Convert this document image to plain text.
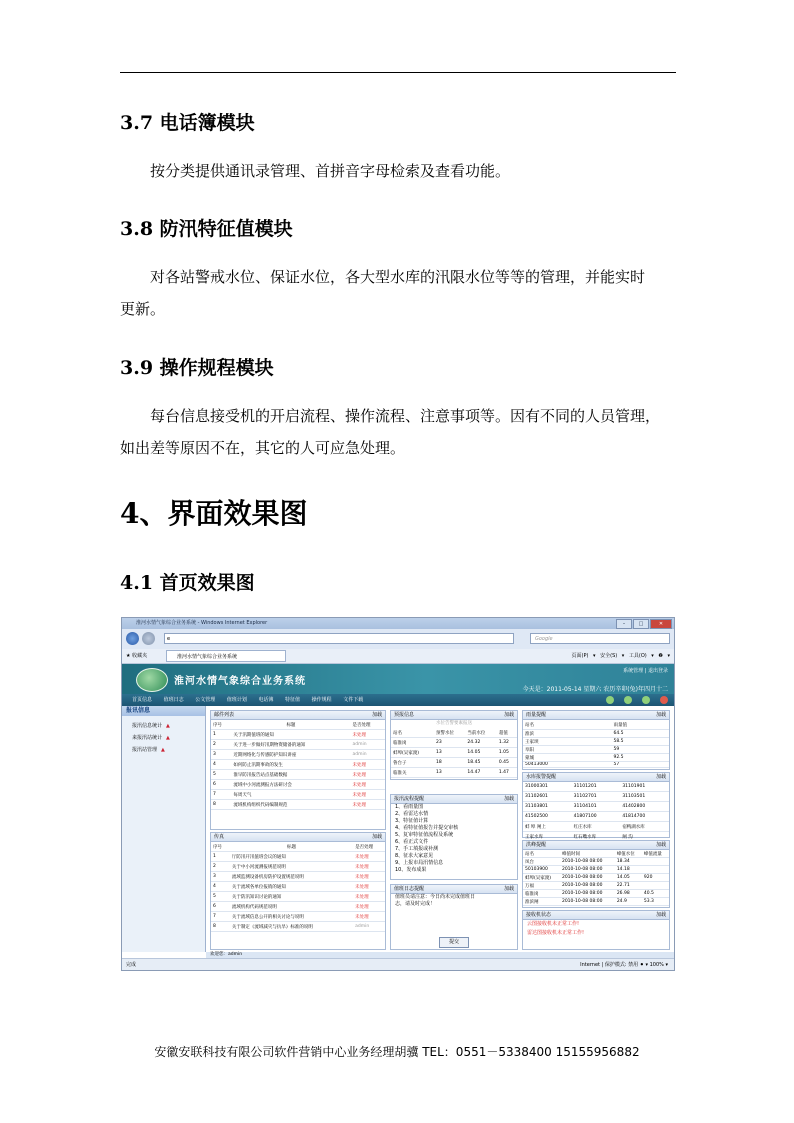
3.7 电话簿模块
按分类提供通讯录管理、首拼音字母检索及查看功能。
3.8 防汛特征值模块
对各站警戒水位、保证水位，各大型水库的汛限水位等等的管理，并能实时
更新。
3.9 操作规程模块
每台信息接受机的开启流程、操作流程、注意事项等。因有不同的人员管理，
如出差等原因不在，其它的人可应急处理。
4、界面效果图
4.1 首页效果图
淮河水情气象综合业务系统 - Windows Internet Explorer	–	□	✕
e	Google
★ 收藏夹	淮河水情气象综合业务系统	页面(P) ▾ 安全(S) ▾ 工具(O) ▾ ❷ ▾
淮河水情气象综合业务系统
系统管理 | 退出登录
今天是：2011-05-14 星期六 农历辛卯(兔)年四月十二
首页信息 值班日志 公文管理 值班计划 电话簿 特征值 操作规程 文件下载
报讯信息
报汛信息统计 ▲
来报汛站统计 ▲
报汛站管理 ▲
邮件列表	加载
序号	标题	是否处理
1	关于汛期值班的通知	未处理
2	关于进一步做好汛期物资储备的通知	admin
3	近期网络化与传感防护知识讲座	admin
4	如何防止汛期事故的发生	未处理
5	淮早防汛报告站点基础数据	未处理
6	流域中小河流测报方法研讨会	未处理
7	每周天气	未处理
8	流域机构组织代码编制规范	未处理
传真	加载
序号	标题	是否处理
1	厅防汛开汛值班会议的通知	未处理
2	关于中小河流测报规范说明	未处理
3	流域监测设备机房防护设置规范说明	未处理
4	关于流域各单位报销的通知	未处理
5	关于防汛知识讨论的通知	未处理
6	流域机构代码规范说明	未处理
7	关于流域信息公开的相关讨论与说明	未处理
8	关于制定《流域减灾与抗旱》标准的说明	admin
预报信息	加载
水位告警要素报送
站名	预警水位	当前水位	超值
临淮岗	23	24.32	1.32
蚌埠(吴家渡)	13	14.05	1.05
鲁台子	18	18.45	0.45
临淮关	13	14.47	1.47
报汛流程提醒	加载
1、看雨量图
2、看雷达水情
3、特征值计算
4、看特征值报告并提交审核
5、复审特征值流程及系统
6、看正式文件
7、手工填报或补测
8、征求大家意见
9、上报市局汛情信息
10、发布成果
值班日志提醒	加载
值班员请注意：今日尚未完成值班日
志，请及时完成！
提交
雨量提醒	加载
站名	雨量值
淮滨	64.5
王家坝	58.5
阜阳	59
蒙城	92.5
50413000	57
水库报警提醒	加载
31000301	31101201	31101901
31102601	31102701	31103501
31103801	31104101	41402800
41502500	41807100	41814700
蚌 埠 闸上	红庄水库	宿鸭湖水库
王家水库	红石嘴水库	闸 沟
洪峰提醒	加载
站名	峰值时间	峰值水位	峰值流量
凤台	2010-10-08 08:00	18.34	
50103900	2010-10-08 08:00	14.18	
蚌埠(吴家渡)	2010-10-08 08:00	14.05	920
万福	2010-10-08 08:00	22.71	
临淮岗	2010-10-08 08:00	26.98	40.5
淮滨闸	2010-10-08 08:00	24.9	53.3
接收机状态	加载
云图接收机未正常工作!
雷达图接收机未正常工作!
欢迎您：admin
完成	Internet | 保护模式: 禁用 ⚫ ▾ 100% ▾
安徽安联科技有限公司软件营销中心业务经理胡骥 TEL：0551－5338400 15155956882
